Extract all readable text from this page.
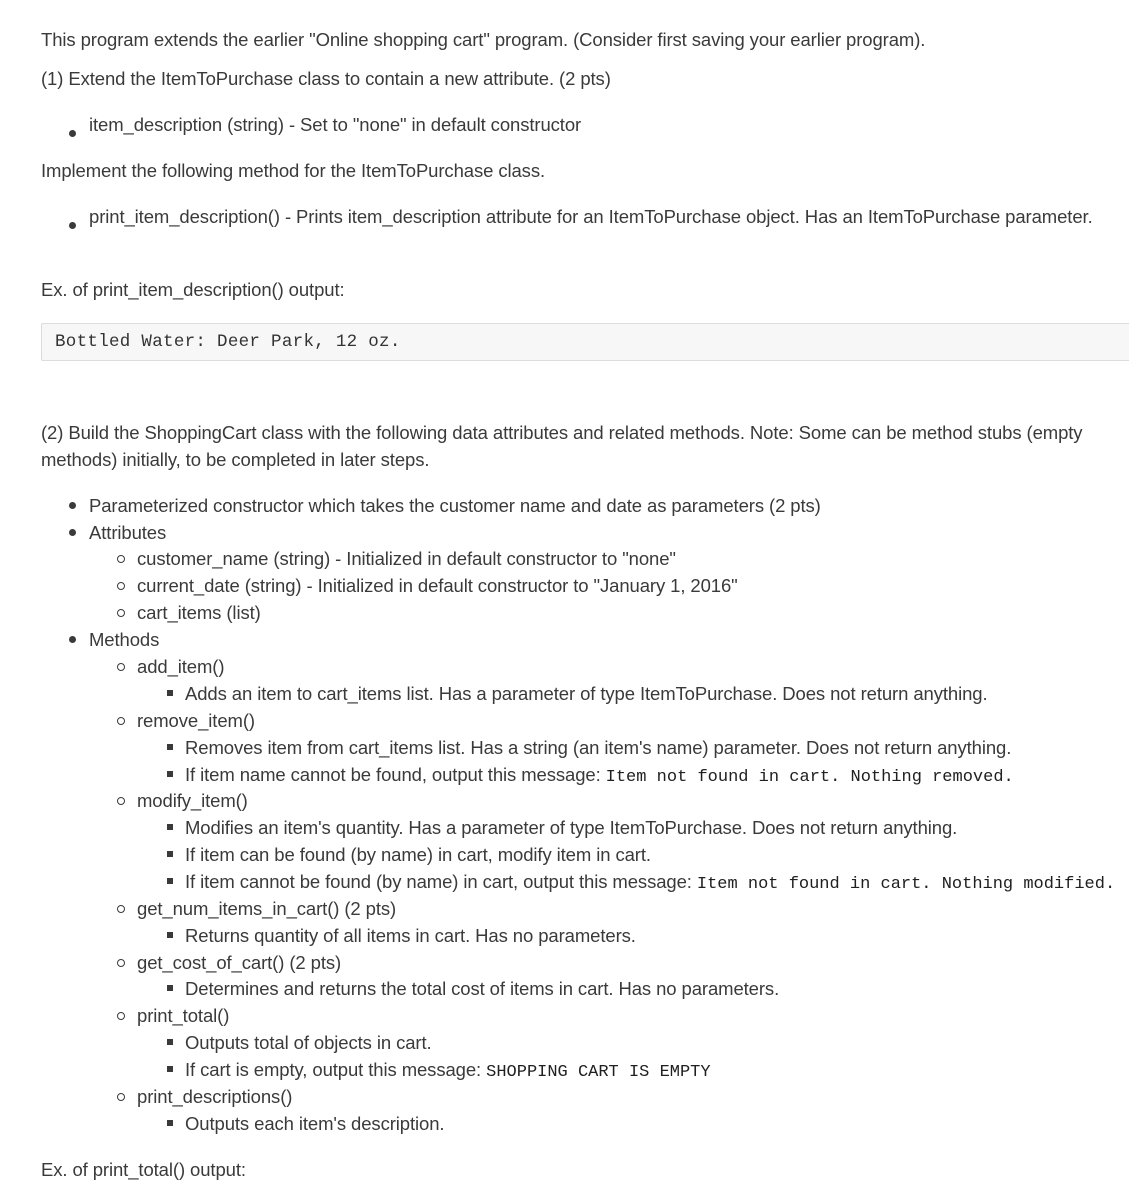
This program extends the earlier "Online shopping cart" program. (Consider first saving your earlier program).
(1) Extend the ItemToPurchase class to contain a new attribute. (2 pts)
item_description (string) - Set to "none" in default constructor
Implement the following method for the ItemToPurchase class.
print_item_description() - Prints item_description attribute for an ItemToPurchase object. Has an ItemToPurchase parameter.
Ex. of print_item_description() output:
Bottled Water: Deer Park, 12 oz.
(2) Build the ShoppingCart class with the following data attributes and related methods. Note: Some can be method stubs (empty
methods) initially, to be completed in later steps.
Parameterized constructor which takes the customer name and date as parameters (2 pts)
Attributes
customer_name (string) - Initialized in default constructor to "none"
current_date (string) - Initialized in default constructor to "January 1, 2016"
cart_items (list)
Methods
add_item()
Adds an item to cart_items list. Has a parameter of type ItemToPurchase. Does not return anything.
remove_item()
Removes item from cart_items list. Has a string (an item's name) parameter. Does not return anything.
If item name cannot be found, output this message: Item not found in cart. Nothing removed.
modify_item()
Modifies an item's quantity. Has a parameter of type ItemToPurchase. Does not return anything.
If item can be found (by name) in cart, modify item in cart.
If item cannot be found (by name) in cart, output this message: Item not found in cart. Nothing modified.
get_num_items_in_cart() (2 pts)
Returns quantity of all items in cart. Has no parameters.
get_cost_of_cart() (2 pts)
Determines and returns the total cost of items in cart. Has no parameters.
print_total()
Outputs total of objects in cart.
If cart is empty, output this message: SHOPPING CART IS EMPTY
print_descriptions()
Outputs each item's description.
Ex. of print_total() output:
